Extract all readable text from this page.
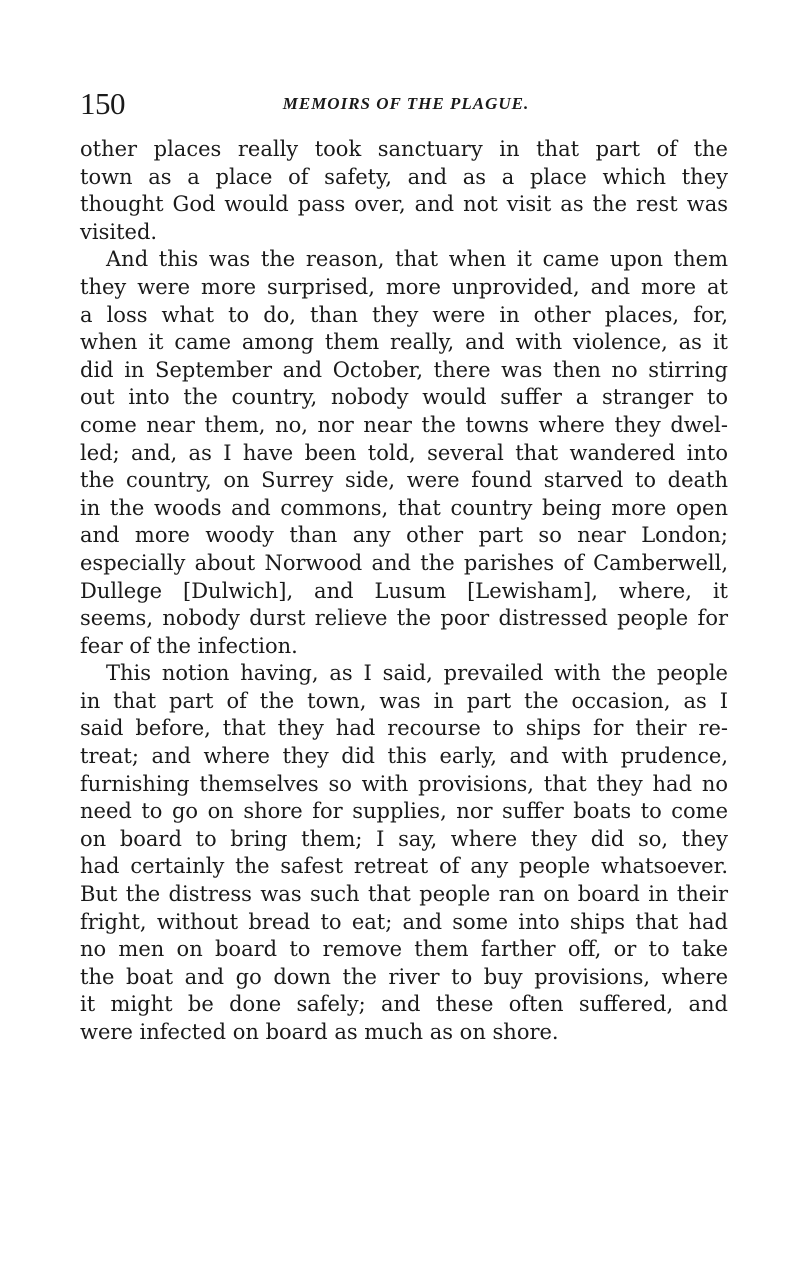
150	MEMOIRS OF THE PLAGUE.
other places really took sanctuary in that part of the
town as a place of safety, and as a place which they
thought God would pass over, and not visit as the rest was
visited.
And this was the reason, that when it came upon them
they were more surprised, more unprovided, and more at
a loss what to do, than they were in other places, for,
when it came among them really, and with violence, as it
did in September and October, there was then no stirring
out into the country, nobody would suffer a stranger to
come near them, no, nor near the towns where they dwel-
led; and, as I have been told, several that wandered into
the country, on Surrey side, were found starved to death
in the woods and commons, that country being more open
and more woody than any other part so near London;
especially about Norwood and the parishes of Camberwell,
Dullege [Dulwich], and Lusum [Lewisham], where, it
seems, nobody durst relieve the poor distressed people for
fear of the infection.
This notion having, as I said, prevailed with the people
in that part of the town, was in part the occasion, as I
said before, that they had recourse to ships for their re-
treat; and where they did this early, and with prudence,
furnishing themselves so with provisions, that they had no
need to go on shore for supplies, nor suffer boats to come
on board to bring them; I say, where they did so, they
had certainly the safest retreat of any people whatsoever.
But the distress was such that people ran on board in their
fright, without bread to eat; and some into ships that had
no men on board to remove them farther off, or to take
the boat and go down the river to buy provisions, where
it might be done safely; and these often suffered, and
were infected on board as much as on shore.
